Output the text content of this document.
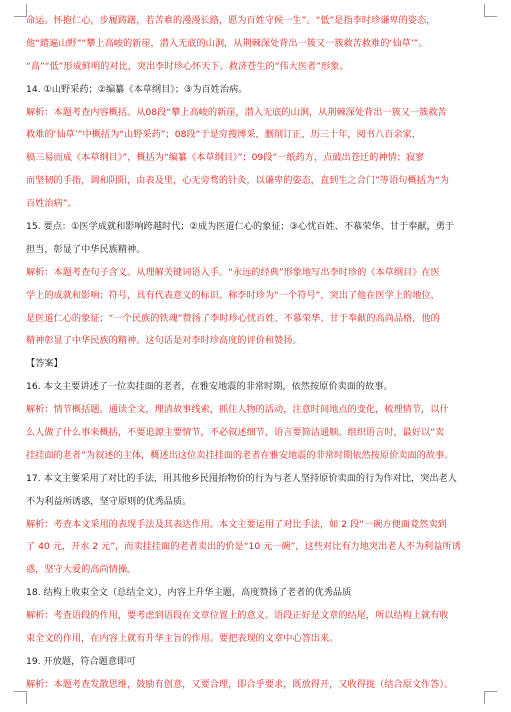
命运。怀抱仁心，步履踌躇，若苦难的漫漫长路，愿为百姓守候一生”。“低”是指李时珍谦卑的姿态，
他“踏遍山野”“攀上高峻的新崖，潜入无底的山涧，从荆棘深处背出一簇又一簇救苦救难的‘仙草’”。
“高”“低”形成鲜明的对比，突出李时珍心怀天下、救济苍生的“伟大医者”形象。
14. ①山野采药；②编纂《本草纲目》；③为百姓治病。
解析：本题考查内容概括。从08段“攀上高峻的新崖，潜入无底的山涧，从荆棘深处背出一簇又一簇救苦
救难的‘仙草’”中概括为“山野采药”；08段“于是穷搜博采，删削订正，历三十年，阅书八百余家，
稿三易而成《本草纲目》”，概括为“编纂《本草纲目》”；09段“一纸药方，点破出苍迁的神情；寂寥
而坚韧的手指，调和阴阳，由表及里，心无旁骛的针灸，以谦卑的姿态，直到生之合门”等语句概括为“为
百姓治病”。
15. 要点：①医学成就和影响跨越时代；②成为医道仁心的象征；③心忧百姓、不慕荣华、甘于奉献，勇于
担当，彰显了中华民族精神。
解析：本题考查句子含义。从理解关键词语入手。“永远的经典”形象地写出李时珍的《本草纲目》在医
学上的成就和影响；符号，具有代表意义的标识。称李时珍为“一个符号”，突出了他在医学上的地位，
是医道仁心的象征；“一个民族的铁魂”赞扬了李时珍心忧百姓、不慕荣华、甘于奉献的高尚品格，他的
精神彰显了中华民族的精神。这句话是对李时珍高度的评价和赞扬。
【答案】
16. 本文主要讲述了一位卖挂面的老者，在雅安地震的非常时期，依然按原价卖面的故事。
解析：情节概括题。通读全文，理清故事线索，抓住人物的活动，注意时间地点的变化，梳理情节，以什
么人做了什么事来概括，不要追源主要情节，不必叙述细节，语言要简洁通顺。组织语言时，最好以“卖
挂挂面的老者”为叙述的主体，概述出这位卖挂挂面的老者在雅安地震的非常时期依然按原价卖面的故事。
17. 本文主要采用了对比的手法，用其他乡民囤抬物价的行为与老人坚持原价卖面的行为作对比，突出老人
不为利益所诱惑，坚守原则的优秀品质。
解析：考查本文采用的表现手法及其表达作用。本文主要运用了对比手法，如 2 段“一碗方便面竟然卖到
了 40 元，开水 2 元”，而卖挂挂面的老者卖出的价是“10 元一碗”，这些对比有力地突出老人不为利益所诱
惑，坚守大爱的高尚情操。
18. 结构上收束全文（总结全文），内容上升华主题，高度赞扬了老者的优秀品质
解析：考查语段的作用，要考虑到语段在文章位置上的意义。语段正好是文章的结尾，所以结构上就有收
束全文的作用，在内容上就有升华主旨的作用。要把表现的文章中心答出来。
19. 开放题，符合题意即可
解析：本题考查发散思维，鼓励有创意，又要合理，即合乎要求，既放得开，又收得拢（结合原文作答）。
